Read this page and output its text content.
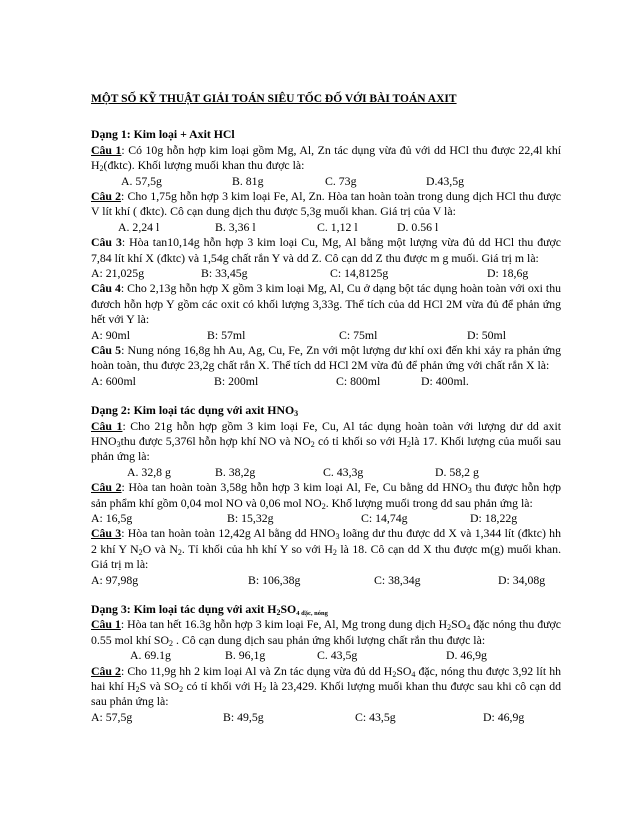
MỘT SỐ KỸ THUẬT GIẢI TOÁN SIÊU TỐC ĐỐ VỚI BÀI TOÁN AXIT
Dạng 1: Kim loại + Axit HCl
Câu 1: Có 10g hỗn hợp kim loại gồm Mg, Al, Zn tác dụng vừa đủ với dd HCl thu được 22,4l khí $H_2(đktc)$. Khối lượng muối khan thu được là:
A. 57,5g	B. 81g	C. 73g	D.43,5g
Câu 2: Cho 1,75g hỗn hợp 3 kim loại Fe, Al, Zn. Hòa tan hoàn toàn trong dung dịch HCl thu được V lít khí ( đktc). Cô cạn dung dịch thu được 5,3g muối khan. Giá trị của V là:
A. 2,24 l	B. 3,36 l	C. 1,12 l	D. 0.56 l
Câu 3: Hòa tan10,14g hỗn hợp 3 kim loại Cu, Mg, Al bằng một lượng vừa đủ dd HCl thu được 7,84 lít khí X (đktc) và 1,54g chất rắn Y và dd Z. Cô cạn dd Z thu được m g muối. Giá trị m là:
A: 21,025g	B: 33,45g	C: 14,8125g	D: 18,6g
Câu 4: Cho 2,13g hỗn hợp X gồm 3 kim loại Mg, Al, Cu ở dạng bột tác dụng hoàn toàn với oxi thu đươch hỗn hợp Y gồm các oxit có khối lượng 3,33g. Thể tích của dd HCl 2M vừa đủ để phản ứng hết với Y là:
A: 90ml	B: 57ml	C: 75ml	D: 50ml
Câu 5: Nung nóng 16,8g hh Au, Ag, Cu, Fe, Zn với một lượng dư khí oxi đến khi xảy ra phản ứng hoàn toàn, thu được 23,2g chất rắn X. Thể tích dd HCl 2M vừa đủ để phản ứng với chất rắn X là:
A: 600ml	B: 200ml	C: 800ml	D: 400ml.
Dạng 2: Kim loại tác dụng với axit $HNO_3$
Câu 1: Cho 21g hỗn hợp gồm 3 kim loại Fe, Cu, Al tác dụng hoàn toàn với lượng dư dd axit $HNO_3thu$ được 5,376l hỗn hợp khí NO và $NO_2$ có tỉ khối so với $H_2là$ 17. Khối lượng của muối sau phản ứng là:
A. 32,8 g	B. 38,2g	C. 43,3g	D. 58,2 g
Câu 2: Hòa tan hoàn toàn 3,58g hỗn hợp 3 kim loại Al, Fe, Cu bằng dd $HNO_3$ thu được hỗn hợp sản phẩm khí gồm 0,04 mol NO và 0,06 mol $NO_2$. Khố lượng muối trong dd sau phản ứng là:
A: 16,5g	B: 15,32g	C: 14,74g	D: 18,22g
Câu 3: Hòa tan hoàn toàn 12,42g Al bằng dd $HNO_3$ loãng dư thu được dd X và 1,344 lít (đktc) hh 2 khí Y $N_2O$ và $N_2$. Tỉ khối của hh khí Y so với $H_2$ là 18. Cô cạn dd X thu được m(g) muối khan. Giá trị m là:
A: 97,98g	B: 106,38g	C: 38,34g	D: 34,08g
Dạng 3: Kim loại tác dụng với axit $H_2SO_{4 đặc, nóng}$
Câu 1: Hòa tan hết 16.3g hỗn hợp 3 kim loại Fe, Al, Mg trong dung dịch $H_2SO_4$ đặc nóng thu được 0.55 mol khí $SO_2$ . Cô cạn dung dịch sau phản ứng khối lượng chất rắn thu được là:
A. 69.1g	B. 96,1g	C. 43,5g	D. 46,9g
Câu 2: Cho 11,9g hh 2 kim loại Al và Zn tác dụng vừa đủ dd $H_2SO_4$ đặc, nóng thu được 3,92 lít hh hai khí $H_2S$ và $SO_2$ có tỉ khối với $H_2$ là 23,429. Khối lượng muối khan thu được sau khi cô cạn dd sau phản ứng là:
A: 57,5g	B: 49,5g	C: 43,5g	D: 46,9g
